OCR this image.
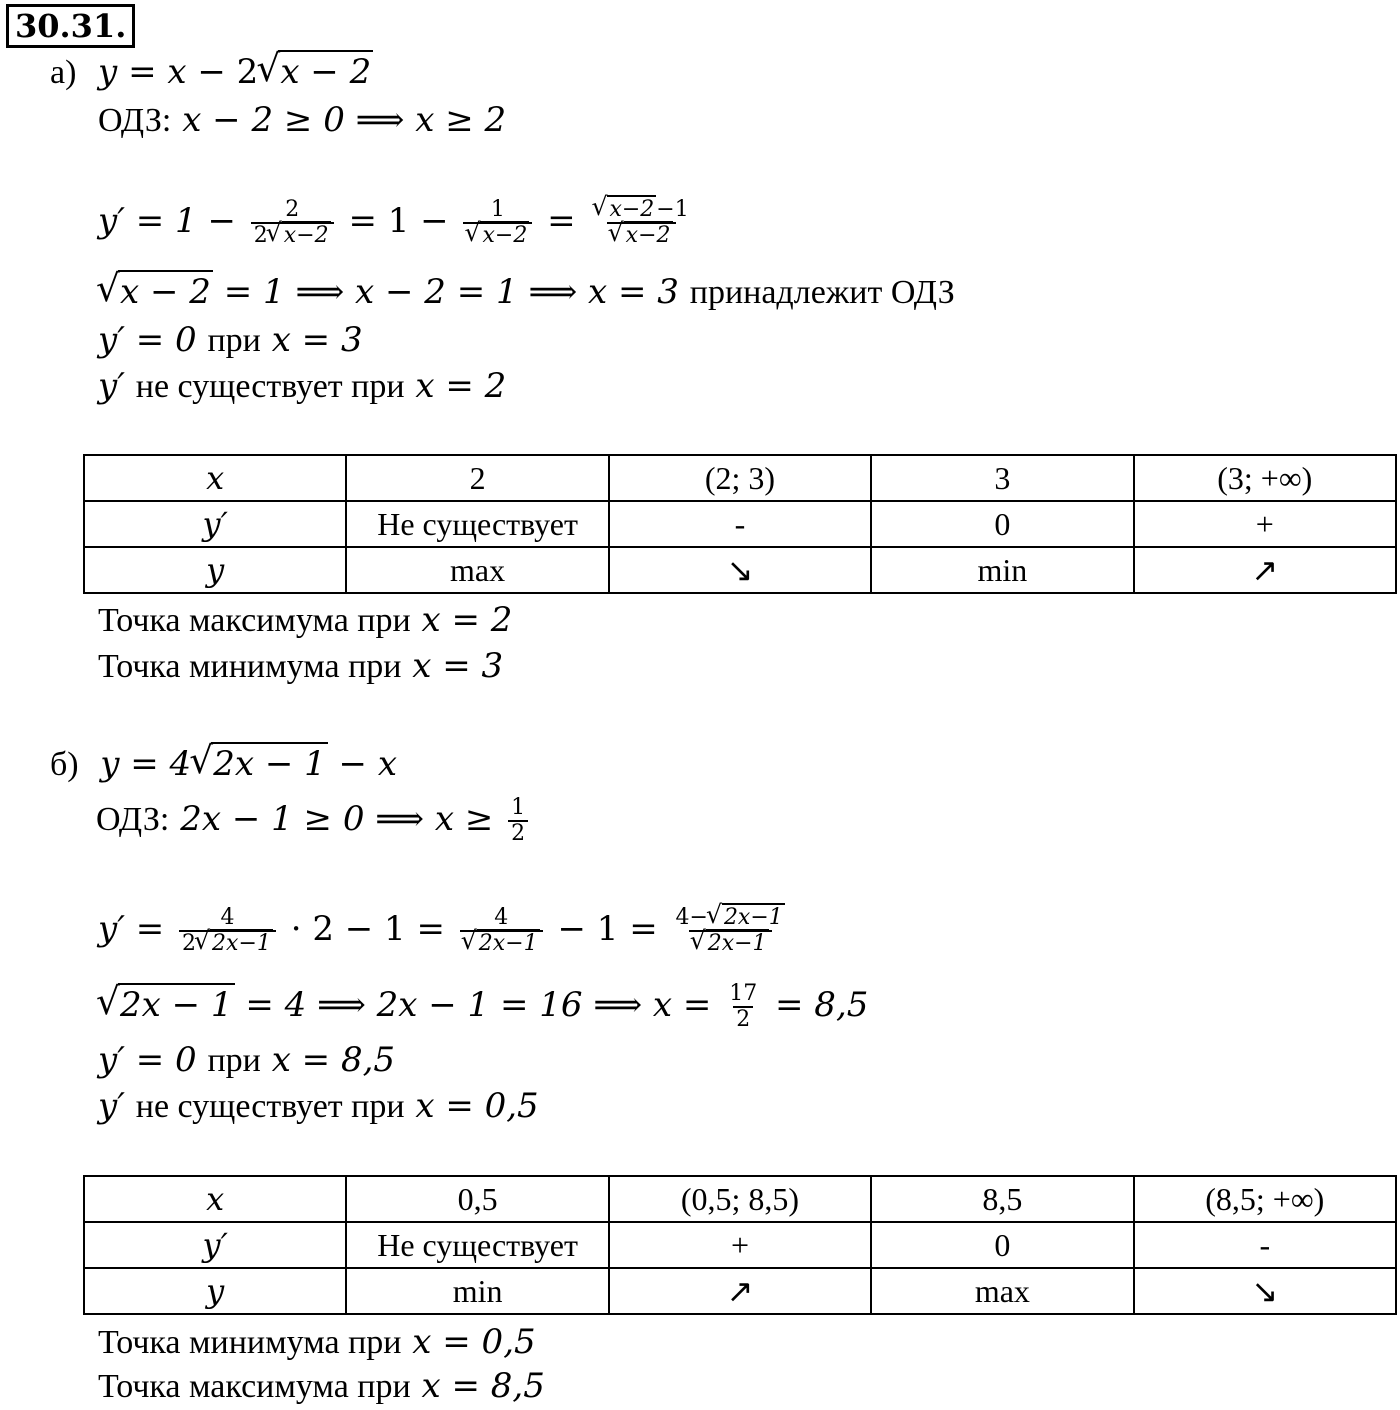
30.31.
а) y = x − 2 √ x − 2
ОДЗ: x − 2 ≥ 0 ⟹ x ≥ 2
$y' = 1 - \frac{2}{2 √ x-2} = 1 - 1$
√ x−2 = √ x−2−1
√ x−2
√ x − 2 = 1 ⟹ x − 2 = 1 ⟹ x = 3 принадлежит ОДЗ
y′ = 0 при x = 3
y′ не существует при x = 2
x	2	(2; 3)	3	(3; +∞)
y′	Не существует	-	0	+
y	max	↘	min	↗
Точка максимума при x = 2
Точка минимума при x = 3
б) y = 4 √ 2x − 1 − x
ОДЗ: 2x − 1 ≥ 0 ⟹ $x \ge \frac{1}{2}$
$y' = \frac{4}{2 √ 2x-1} \cdot 2 - 1 = 4$
√ 2x−1 − 1 = 4− √ 2x−1
√ 2x−1
√ 2x − 1 = 4 ⟹ 2x − 1 = 16 ⟹ $x = \frac{17}{2} = 8,5$
y′ = 0 при x = 8,5
y′ не существует при x = 0,5
x	0,5	(0,5; 8,5)	8,5	(8,5; +∞)
y′	Не существует	+	0	-
y	min	↗	max	↘
Точка минимума при x = 0,5
Точка максимума при x = 8,5
